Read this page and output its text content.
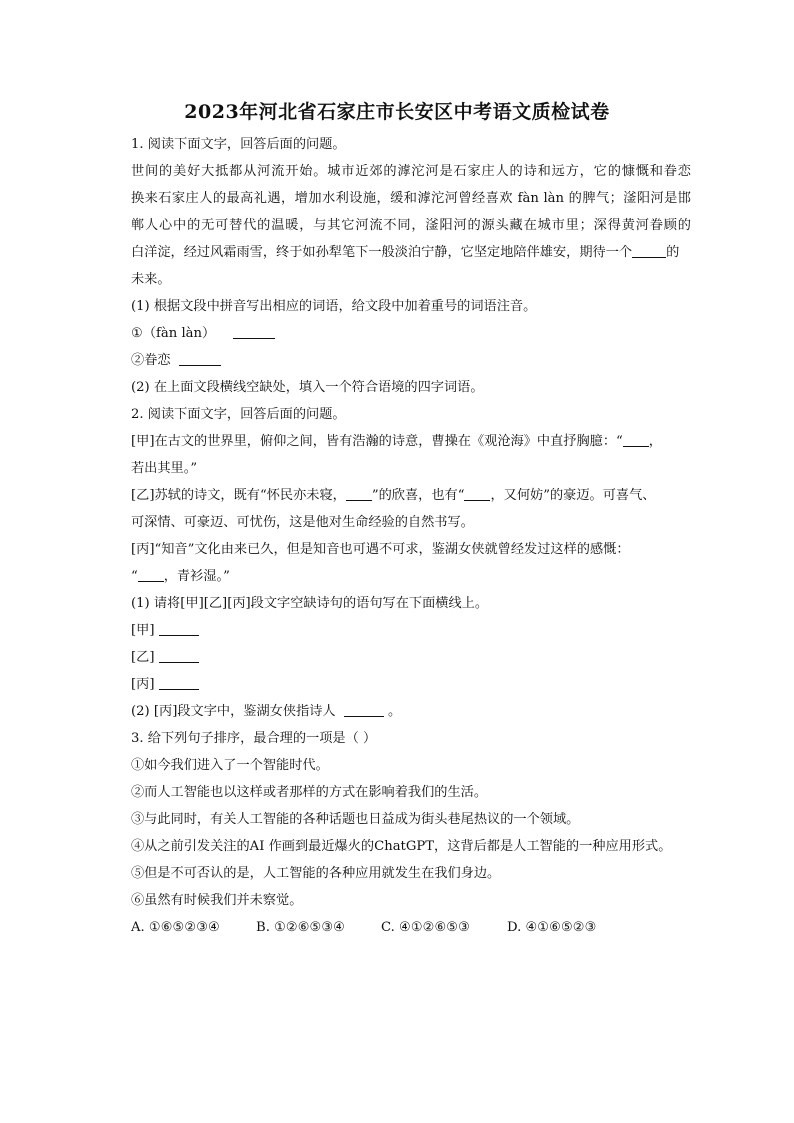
2023年河北省石家庄市长安区中考语文质检试卷
1. 阅读下面文字，回答后面的问题。
世间的美好大抵都从河流开始。城市近郊的滹沱河是石家庄人的诗和远方，它的慷慨和眷恋
换来石家庄人的最高礼遇，增加水利设施，缓和滹沱河曾经喜欢 fàn làn 的脾气；滏阳河是邯
郸人心中的无可替代的温暖，与其它河流不同，滏阳河的源头藏在城市里；深得黄河眷顾的
白洋淀，经过风霜雨雪，终于如孙犁笔下一般淡泊宁静，它坚定地陪伴雄安，期待一个	的
未来。
(1) 根据文段中拼音写出相应的词语，给文段中加着重号的词语注音。
①（fàn làn）
②眷恋
(2) 在上面文段横线空缺处，填入一个符合语境的四字词语。
2. 阅读下面文字，回答后面的问题。
[甲]在古文的世界里，俯仰之间，皆有浩瀚的诗意，曹操在《观沧海》中直抒胸臆：“ ，
若出其里。”
[乙]苏轼的诗文，既有“怀民亦未寝， ”的欣喜，也有“ ，又何妨”的豪迈。可喜气、
可深情、可豪迈、可忧伤，这是他对生命经验的自然书写。
[丙]“知音”文化由来已久，但是知音也可遇不可求，鉴湖女侠就曾经发过这样的感慨：
“ ，青衫湿。”
(1) 请将[甲][乙][丙]段文字空缺诗句的语句写在下面横线上。
[甲]
[乙]
[丙]
(2) [丙]段文字中，鉴湖女侠指诗人	。
3. 给下列句子排序，最合理的一项是（ ）
①如今我们进入了一个智能时代。
②而人工智能也以这样或者那样的方式在影响着我们的生活。
③与此同时，有关人工智能的各种话题也日益成为街头巷尾热议的一个领域。
④从之前引发关注的AI 作画到最近爆火的ChatGPT，这背后都是人工智能的一种应用形式。
⑤但是不可否认的是，人工智能的各种应用就发生在我们身边。
⑥虽然有时候我们并未察觉。
A. ①⑥⑤②③④	B. ①②⑥⑤③④	C. ④①②⑥⑤③	D. ④①⑥⑤②③
